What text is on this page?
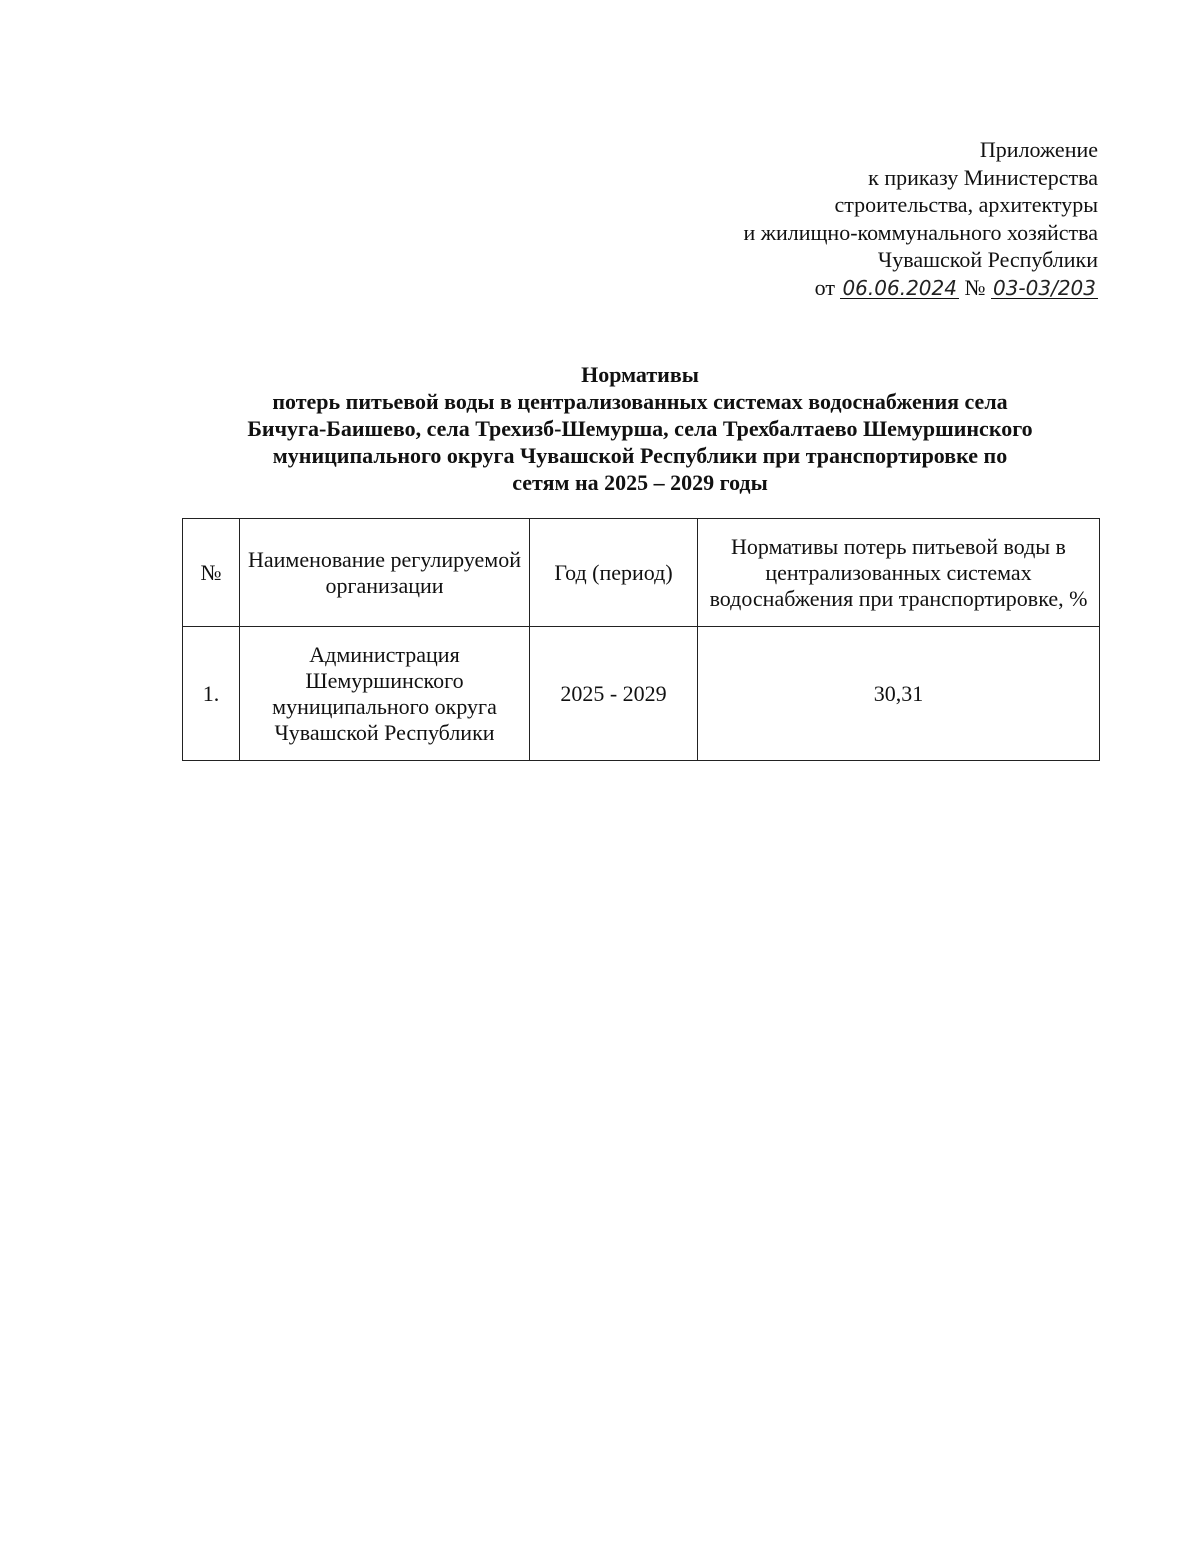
Приложение
к приказу Министерства
строительства, архитектуры
и жилищно-коммунального хозяйства
Чувашской Республики
от 06.06.2024 № 03-03/203
Нормативы
потерь питьевой воды в централизованных системах водоснабжения села
Бичуга-Баишево, села Трехизб-Шемурша, села Трехбалтаево Шемуршинского
муниципального округа Чувашской Республики при транспортировке по
сетям на 2025 – 2029 годы
№	Наименование регулируемой организации	Год (период)	Нормативы потерь питьевой воды в централизованных системах водоснабжения при транспортировке, %
1.	Администрация Шемуршинского муниципального округа Чувашской Республики	2025 - 2029	30,31
